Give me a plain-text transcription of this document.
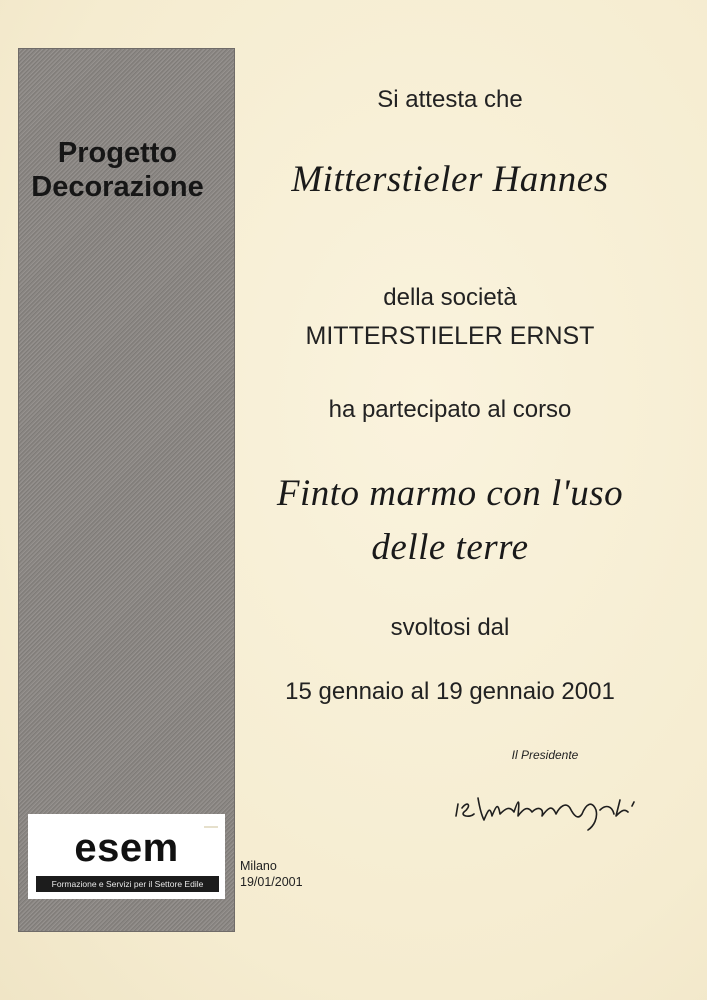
Progetto
Decorazione
esem
Formazione e Servizi per il Settore Edile
Si attesta che
Mitterstieler Hannes
della società
MITTERSTIELER ERNST
ha partecipato al corso
Finto marmo con l'uso
delle terre
svoltosi dal
15 gennaio al 19 gennaio 2001
Il Presidente
Milano
19/01/2001
